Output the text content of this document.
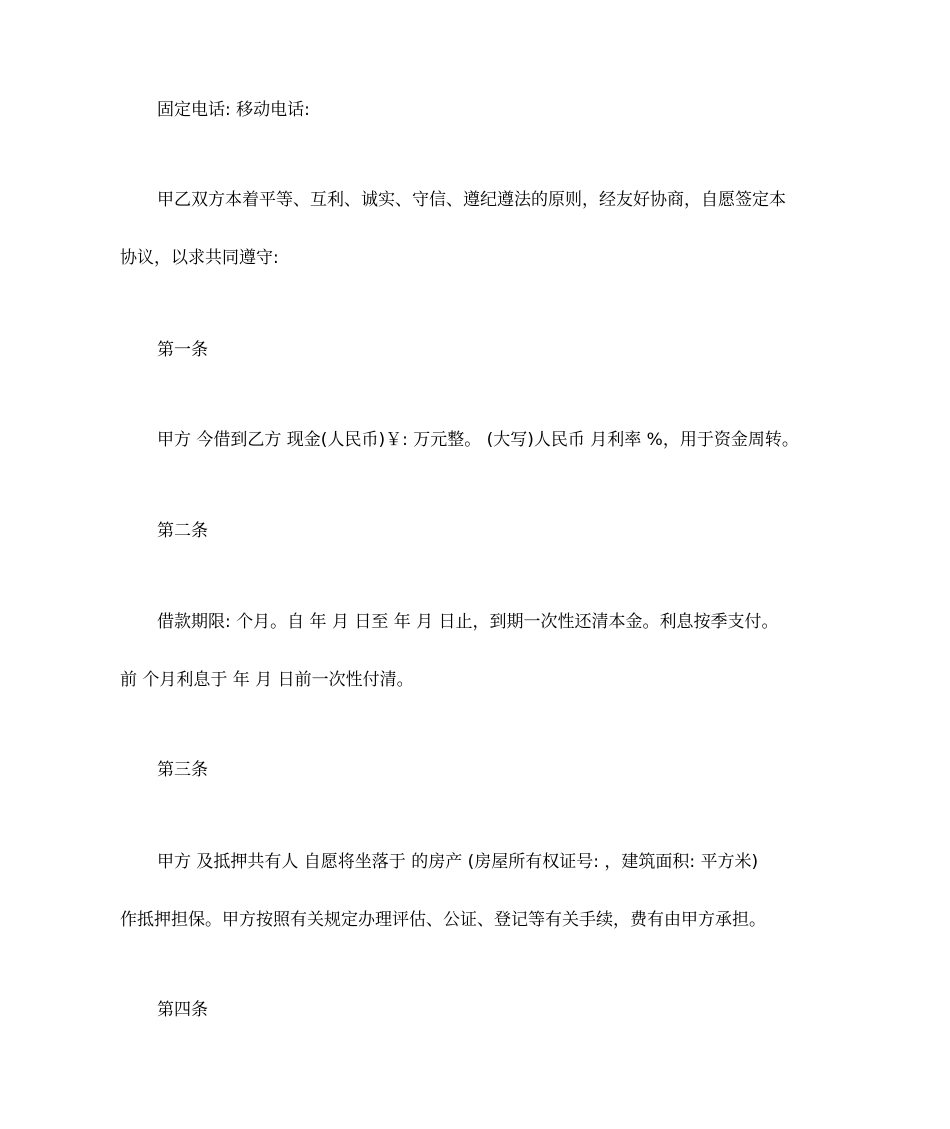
固定电话: 移动电话:
甲乙双方本着平等、互利、诚实、守信、遵纪遵法的原则，经友好协商，自愿签定本
协议，以求共同遵守:
第一条
甲方 今借到乙方 现金(人民币)￥: 万元整。 (大写)人民币 月利率 %，用于资金周转。
第二条
借款期限: 个月。自 年 月 日至 年 月 日止，到期一次性还清本金。利息按季支付。
前 个月利息于 年 月 日前一次性付清。
第三条
甲方 及抵押共有人 自愿将坐落于 的房产 (房屋所有权证号: ，建筑面积: 平方米)
作抵押担保。甲方按照有关规定办理评估、公证、登记等有关手续，费有由甲方承担。
第四条
